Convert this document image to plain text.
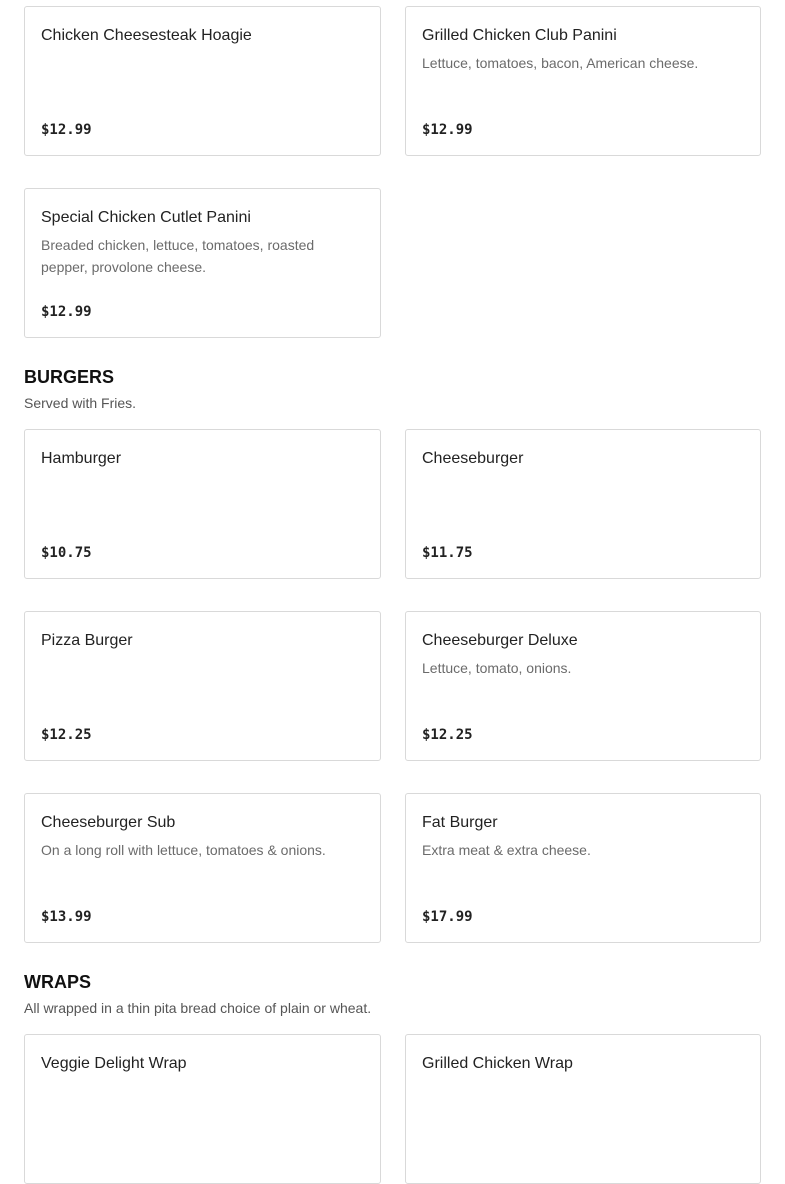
Chicken Cheesesteak Hoagie
$12.99
Grilled Chicken Club Panini
Lettuce, tomatoes, bacon, American cheese.
$12.99
Special Chicken Cutlet Panini
Breaded chicken, lettuce, tomatoes, roasted pepper, provolone cheese.
$12.99
BURGERS
Served with Fries.
Hamburger
$10.75
Cheeseburger
$11.75
Pizza Burger
$12.25
Cheeseburger Deluxe
Lettuce, tomato, onions.
$12.25
Cheeseburger Sub
On a long roll with lettuce, tomatoes & onions.
$13.99
Fat Burger
Extra meat & extra cheese.
$17.99
WRAPS
All wrapped in a thin pita bread choice of plain or wheat.
Veggie Delight Wrap	Grilled Chicken Wrap
